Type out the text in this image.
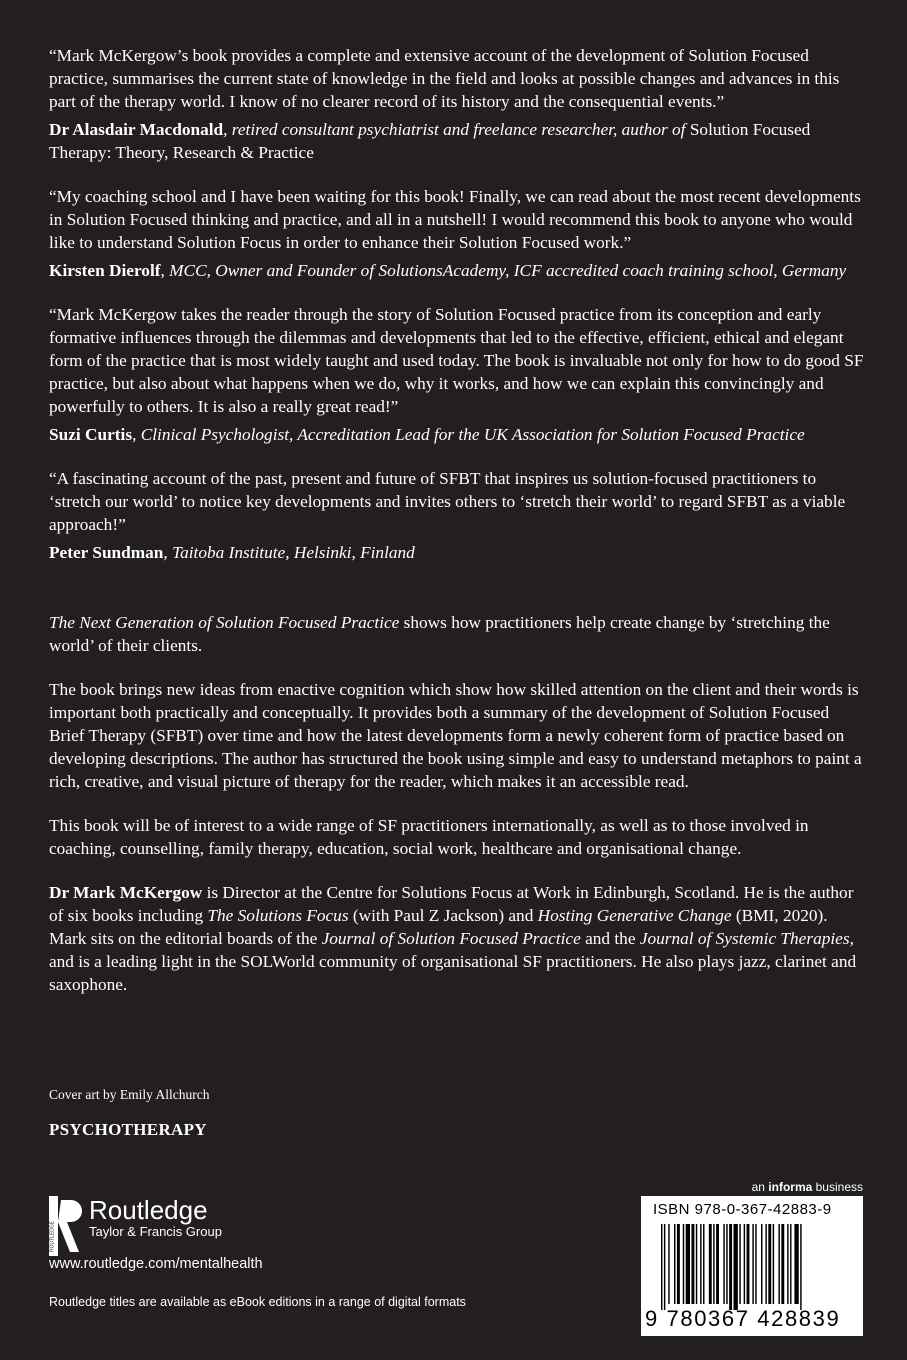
“Mark McKergow’s book provides a complete and extensive account of the development of Solution Focused practice, summarises the current state of knowledge in the field and looks at possible changes and advances in this part of the therapy world. I know of no clearer record of its history and the consequential events.”

Dr Alasdair Macdonald, retired consultant psychiatrist and freelance researcher, author of Solution Focused Therapy: Theory, Research & Practice

“My coaching school and I have been waiting for this book! Finally, we can read about the most recent developments in Solution Focused thinking and practice, and all in a nutshell! I would recommend this book to anyone who would like to understand Solution Focus in order to enhance their Solution Focused work.”

Kirsten Dierolf, MCC, Owner and Founder of SolutionsAcademy, ICF accredited coach training school, Germany

“Mark McKergow takes the reader through the story of Solution Focused practice from its conception and early formative influences through the dilemmas and developments that led to the effective, efficient, ethical and elegant form of the practice that is most widely taught and used today. The book is invaluable not only for how to do good SF practice, but also about what happens when we do, why it works, and how we can explain this convincingly and powerfully to others. It is also a really great read!”

Suzi Curtis, Clinical Psychologist, Accreditation Lead for the UK Association for Solution Focused Practice

“A fascinating account of the past, present and future of SFBT that inspires us solution-focused practitioners to ‘stretch our world’ to notice key developments and invites others to ‘stretch their world’ to regard SFBT as a viable approach!”

Peter Sundman, Taitoba Institute, Helsinki, Finland

The Next Generation of Solution Focused Practice shows how practitioners help create change by ‘stretching the world’ of their clients.

The book brings new ideas from enactive cognition which show how skilled attention on the client and their words is important both practically and conceptually. It provides both a summary of the development of Solution Focused Brief Therapy (SFBT) over time and how the latest developments form a newly coherent form of practice based on developing descriptions. The author has structured the book using simple and easy to understand metaphors to paint a rich, creative, and visual picture of therapy for the reader, which makes it an accessible read.

This book will be of interest to a wide range of SF practitioners internationally, as well as to those involved in coaching, counselling, family therapy, education, social work, healthcare and organisational change.

Dr Mark McKergow is Director at the Centre for Solutions Focus at Work in Edinburgh, Scotland. He is the author of six books including The Solutions Focus (with Paul Z Jackson) and Hosting Generative Change (BMI, 2020). Mark sits on the editorial boards of the Journal of Solution Focused Practice and the Journal of Systemic Therapies, and is a leading light in the SOLWorld community of organisational SF practitioners. He also plays jazz, clarinet and saxophone.

Cover art by Emily Allchurch
PSYCHOTHERAPY
ROUTLEDGE
Routledge
Taylor & Francis Group
www.routledge.com/mentalhealth
Routledge titles are available as eBook editions in a range of digital formats
an informa business
ISBN 978-0-367-42883-9
9 780367 428839
